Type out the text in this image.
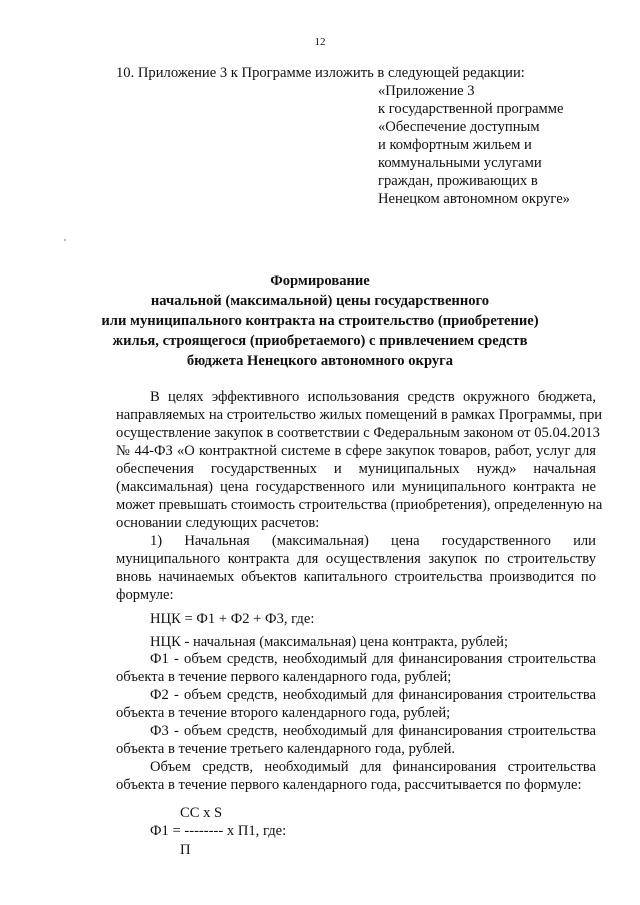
12
10. Приложение 3 к Программе изложить в следующей редакции:
«Приложение 3
к государственной программе
«Обеспечение доступным
и комфортным жильем и
коммунальными услугами
граждан, проживающих в
Ненецком автономном округе»
Формирование
начальной (максимальной) цены государственного
или муниципального контракта на строительство (приобретение)
жилья, строящегося (приобретаемого) с привлечением средств
бюджета Ненецкого автономного округа
В целях эффективного использования средств окружного бюджета,
направляемых на строительство жилых помещений в рамках Программы, при
осуществление закупок в соответствии с Федеральным законом от 05.04.2013
№ 44-ФЗ «О контрактной системе в сфере закупок товаров, работ, услуг для
обеспечения государственных и муниципальных нужд» начальная
(максимальная) цена государственного или муниципального контракта не
может превышать стоимость строительства (приобретения), определенную на
основании следующих расчетов:
1) Начальная (максимальная) цена государственного или
муниципального контракта для осуществления закупок по строительству
вновь начинаемых объектов капитального строительства производится по
формуле:
НЦК = Ф1 + Ф2 + Ф3, где:
НЦК - начальная (максимальная) цена контракта, рублей;
Ф1 - объем средств, необходимый для финансирования строительства
объекта в течение первого календарного года, рублей;
Ф2 - объем средств, необходимый для финансирования строительства
объекта в течение второго календарного года, рублей;
Ф3 - объем средств, необходимый для финансирования строительства
объекта в течение третьего календарного года, рублей.
Объем средств, необходимый для финансирования строительства
объекта в течение первого календарного года, рассчитывается по формуле:
СС х S
Ф1 = -------- х П1, где:
П
